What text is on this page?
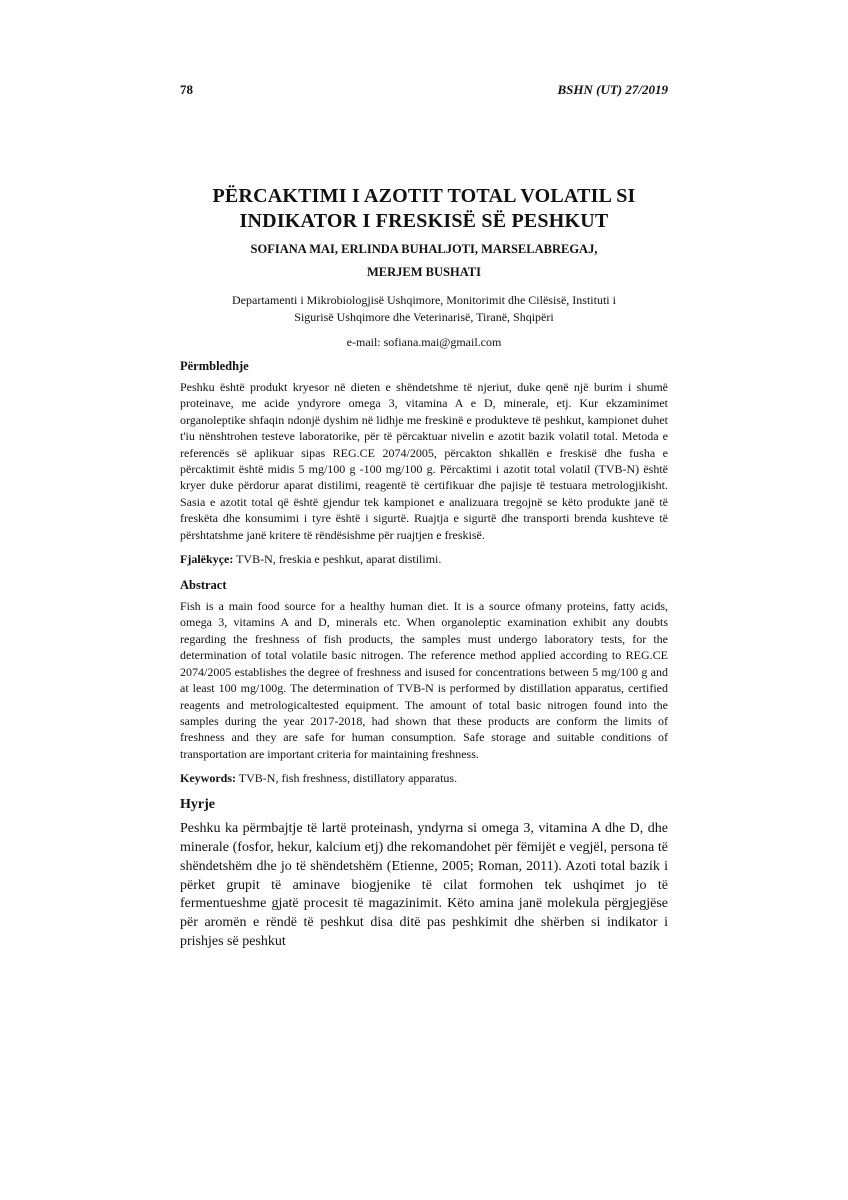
78	BSHN (UT) 27/2019
PËRCAKTIMI I AZOTIT TOTAL VOLATIL SI
INDIKATOR I FRESKISË SË PESHKUT
SOFIANA MAI, ERLINDA BUHALJOTI, MARSELABREGAJ,
MERJEM BUSHATI
Departamenti i Mikrobiologjisë Ushqimore, Monitorimit dhe Cilësisë, Instituti i
Sigurisë Ushqimore dhe Veterinarisë, Tiranë, Shqipëri
e-mail: sofiana.mai@gmail.com
Përmbledhje

Peshku është produkt kryesor në dieten e shëndetshme të njeriut, duke qenë një burim i shumë proteinave, me acide yndyrore omega 3, vitamina A e D, minerale, etj. Kur ekzaminimet organoleptike shfaqin ndonjë dyshim në lidhje me freskinë e produkteve të peshkut, kampionet duhet t'iu nënshtrohen testeve laboratorike, për të përcaktuar nivelin e azotit bazik volatil total. Metoda e referencës së aplikuar sipas REG.CE 2074/2005, përcakton shkallën e freskisë dhe fusha e përcaktimit është midis 5 mg/100 g -100 mg/100 g. Përcaktimi i azotit total volatil (TVB-N) është kryer duke përdorur aparat distilimi, reagentë të certifikuar dhe pajisje të testuara metrologjikisht. Sasia e azotit total që është gjendur tek kampionet e analizuara tregojnë se këto produkte janë të freskëta dhe konsumimi i tyre është i sigurtë. Ruajtja e sigurtë dhe transporti brenda kushteve të përshtatshme janë kritere të rëndësishme për ruajtjen e freskisë.

Fjalëkyçe: TVB-N, freskia e peshkut, aparat distilimi.
Abstract

Fish is a main food source for a healthy human diet. It is a source ofmany proteins, fatty acids, omega 3, vitamins A and D, minerals etc. When organoleptic examination exhibit any doubts regarding the freshness of fish products, the samples must undergo laboratory tests, for the determination of total volatile basic nitrogen. The reference method applied according to REG.CE 2074/2005 establishes the degree of freshness and isused for concentrations between 5 mg/100 g and at least 100 mg/100g. The determination of TVB-N is performed by distillation apparatus, certified reagents and metrologicaltested equipment. The amount of total basic nitrogen found into the samples during the year 2017-2018, had shown that these products are conform the limits of freshness and they are safe for human consumption. Safe storage and suitable conditions of transportation are important criteria for maintaining freshness.

Keywords: TVB-N, fish freshness, distillatory apparatus.
Hyrje

Peshku ka përmbajtje të lartë proteinash, yndyrna si omega 3, vitamina A dhe D, dhe minerale (fosfor, hekur, kalcium etj) dhe rekomandohet për fëmijët e vegjël, persona të shëndetshëm dhe jo të shëndetshëm (Etienne, 2005; Roman, 2011). Azoti total bazik i përket grupit të aminave biogjenike të cilat formohen tek ushqimet jo të fermentueshme gjatë procesit të magazinimit. Këto amina janë molekula përgjegjëse për aromën e rëndë të peshkut disa ditë pas peshkimit dhe shërben si indikator i prishjes së peshkut
